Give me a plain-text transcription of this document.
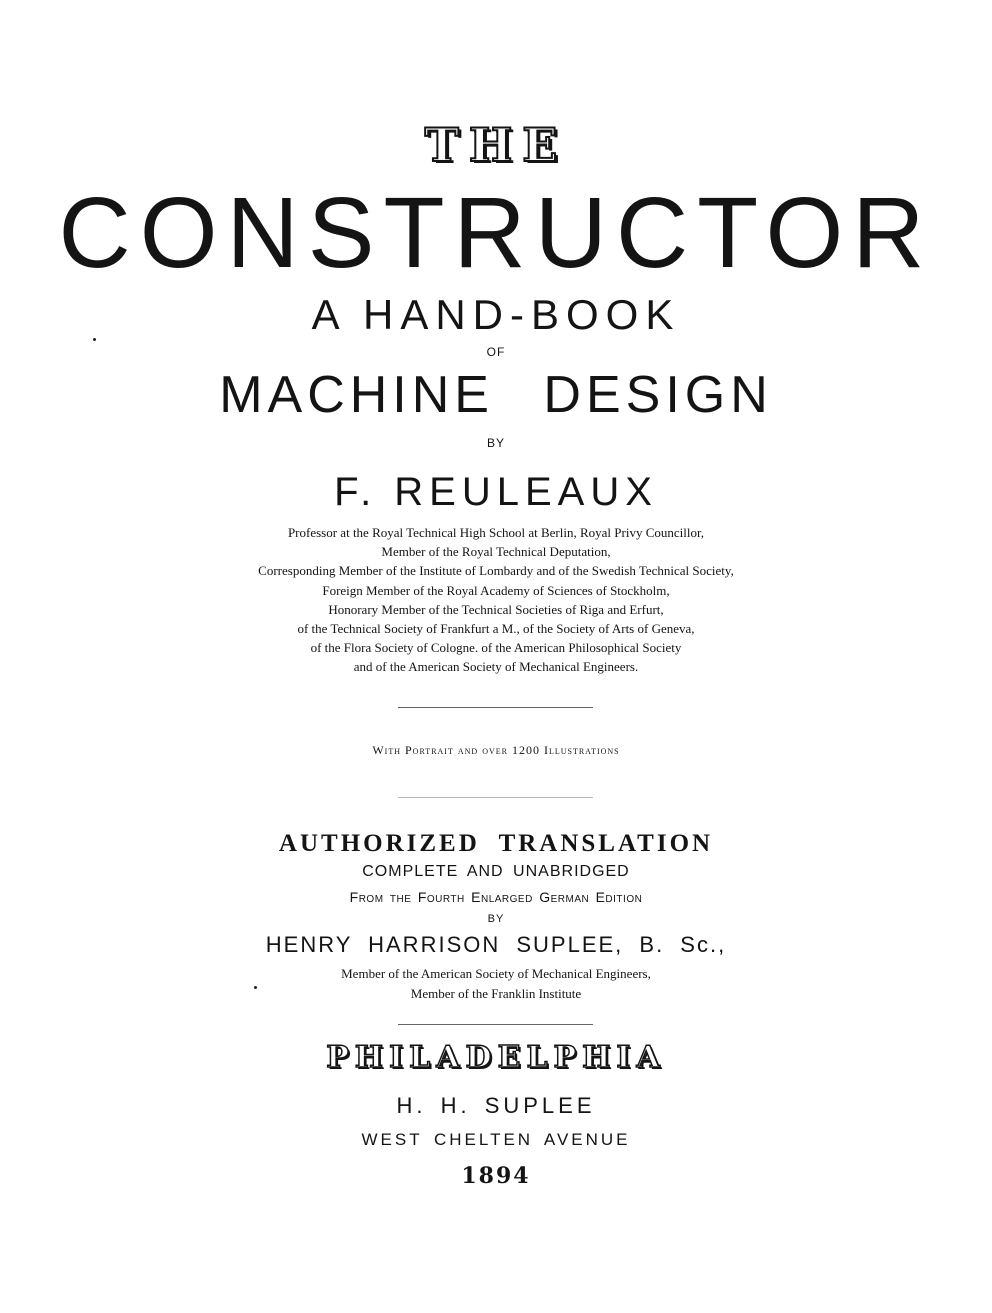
THE

CONSTRUCTOR

A HAND-BOOK

OF

MACHINE DESIGN

BY

F. REULEAUX

Professor at the Royal Technical High School at Berlin, Royal Privy Councillor,
Member of the Royal Technical Deputation,
Corresponding Member of the Institute of Lombardy and of the Swedish Technical Society,
Foreign Member of the Royal Academy of Sciences of Stockholm,
Honorary Member of the Technical Societies of Riga and Erfurt,
of the Technical Society of Frankfurt a M., of the Society of Arts of Geneva,
of the Flora Society of Cologne. of the American Philosophical Society
and of the American Society of Mechanical Engineers.

With Portrait and over 1200 Illustrations

AUTHORIZED TRANSLATION

COMPLETE AND UNABRIDGED

From the Fourth Enlarged German Edition

BY

HENRY HARRISON SUPLEE, B. Sc.,

Member of the American Society of Mechanical Engineers,

Member of the Franklin Institute

PHILADELPHIA

H. H. SUPLEE

WEST CHELTEN AVENUE

1894
